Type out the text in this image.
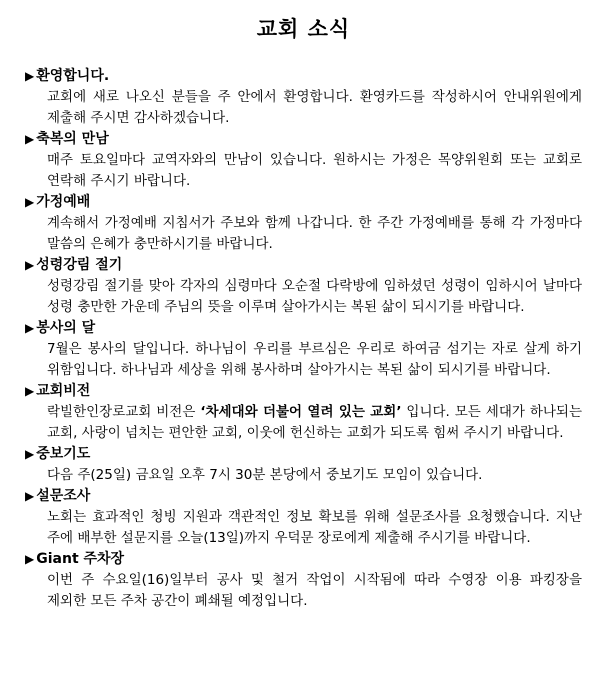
교회 소식
▶ 환영합니다.
교회에 새로 나오신 분들을 주 안에서 환영합니다. 환영카드를 작성하시어 안내위원에게 제출해 주시면 감사하겠습니다.
▶ 축복의 만남
매주 토요일마다 교역자와의 만남이 있습니다. 원하시는 가정은 목양위원회 또는 교회로 연락해 주시기 바랍니다.
▶ 가정예배
계속해서 가정예배 지침서가 주보와 함께 나갑니다. 한 주간 가정예배를 통해 각 가정마다 말씀의 은혜가 충만하시기를 바랍니다.
▶ 성령강림 절기
성령강림 절기를 맞아 각자의 심령마다 오순절 다락방에 임하셨던 성령이 임하시어 날마다 성령 충만한 가운데 주님의 뜻을 이루며 살아가시는 복된 삶이 되시기를 바랍니다.
▶ 봉사의 달
7월은 봉사의 달입니다. 하나님이 우리를 부르심은 우리로 하여금 섬기는 자로 살게 하기 위함입니다. 하나님과 세상을 위해 봉사하며 살아가시는 복된 삶이 되시기를 바랍니다.
▶ 교회비전
락빌한인장로교회 비전은 ‘차세대와 더불어 열려 있는 교회’ 입니다. 모든 세대가 하나되는 교회, 사랑이 넘치는 편안한 교회, 이웃에 헌신하는 교회가 되도록 힘써 주시기 바랍니다.
▶ 중보기도
다음 주(25일) 금요일 오후 7시 30분 본당에서 중보기도 모임이 있습니다.
▶ 설문조사
노회는 효과적인 청빙 지원과 객관적인 정보 확보를 위해 설문조사를 요청했습니다. 지난 주에 배부한 설문지를 오늘(13일)까지 우덕문 장로에게 제출해 주시기를 바랍니다.
▶ Giant 주차장
이번 주 수요일(16)일부터 공사 및 철거 작업이 시작됨에 따라 수영장 이용 파킹장을 제외한 모든 주차 공간이 폐쇄될 예정입니다.
